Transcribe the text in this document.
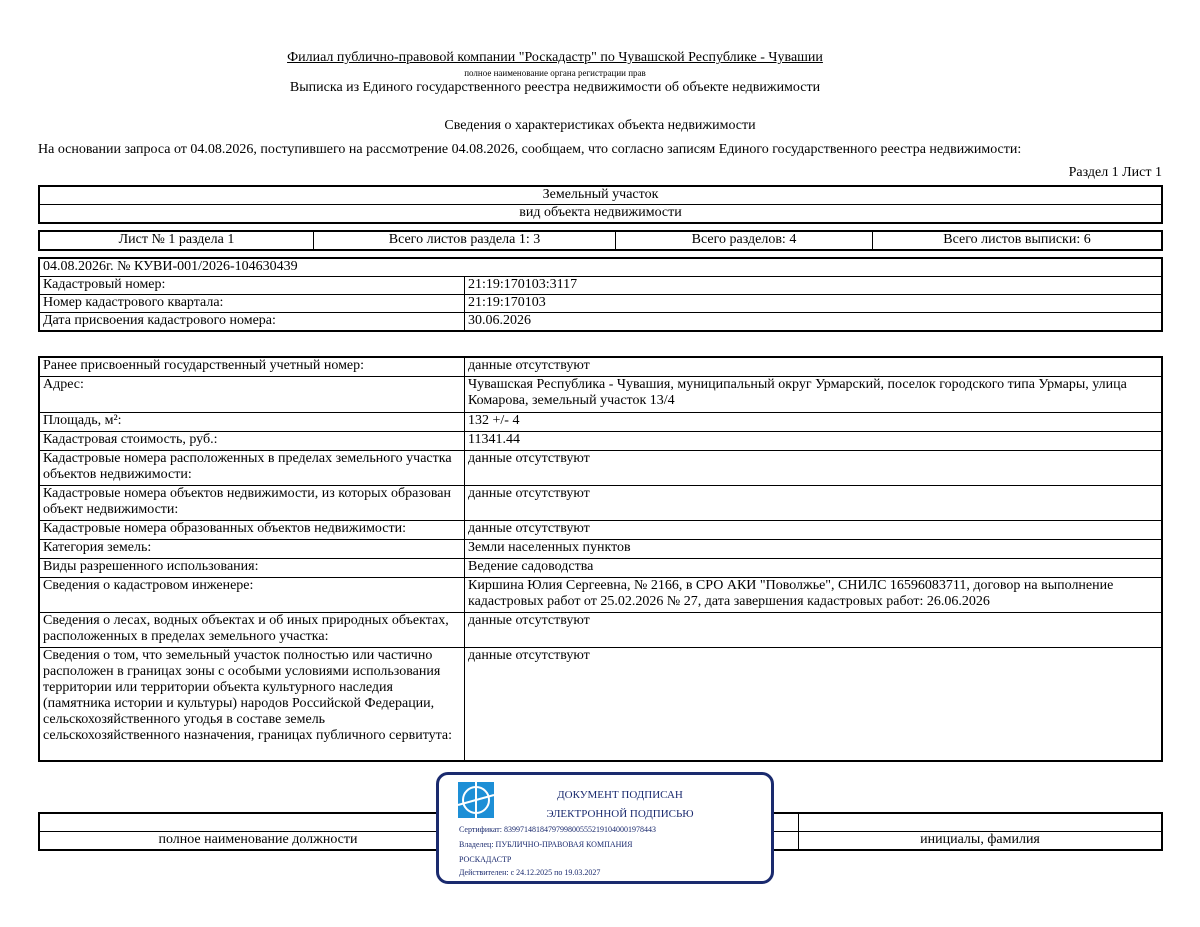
Филиал публично-правовой компании "Роскадастр" по Чувашской Республике - Чувашии
полное наименование органа регистрации прав
Выписка из Единого государственного реестра недвижимости об объекте недвижимости
Сведения о характеристиках объекта недвижимости
На основании запроса от 04.08.2026, поступившего на рассмотрение 04.08.2026, сообщаем, что согласно записям Единого государственного реестра недвижимости:
Раздел 1 Лист 1
Земельный участок
вид объекта недвижимости
Лист № 1 раздела 1	Всего листов раздела 1: 3	Всего разделов: 4	Всего листов выписки: 6
04.08.2026г. № КУВИ-001/2026-104630439	
Кадастровый номер:	21:19:170103:3117
Номер кадастрового квартала:	21:19:170103
Дата присвоения кадастрового номера:	30.06.2026
Ранее присвоенный государственный учетный номер:	данные отсутствуют
Адрес:	Чувашская Республика - Чувашия, муниципальный округ Урмарский, поселок городского типа Урмары, улица Комарова, земельный участок 13/4
Площадь, м²:	132 +/- 4
Кадастровая стоимость, руб.:	11341.44
Кадастровые номера расположенных в пределах земельного участка объектов недвижимости:	данные отсутствуют
Кадастровые номера объектов недвижимости, из которых образован объект недвижимости:	данные отсутствуют
Кадастровые номера образованных объектов недвижимости:	данные отсутствуют
Категория земель:	Земли населенных пунктов
Виды разрешенного использования:	Ведение садоводства
Сведения о кадастровом инженере:	Киршина Юлия Сергеевна, № 2166, в СРО АКИ "Поволжье", СНИЛС 16596083711, договор на выполнение кадастровых работ от 25.02.2026 № 27, дата завершения кадастровых работ: 26.06.2026
Сведения о лесах, водных объектах и об иных природных объектах, расположенных в пределах земельного участка:	данные отсутствуют
Сведения о том, что земельный участок полностью или частично расположен в границах зоны с особыми условиями использования территории или территории объекта культурного наследия (памятника истории и культуры) народов Российской Федерации, сельскохозяйственного угодья в составе земель сельскохозяйственного назначения, границах публичного сервитута:	данные отсутствуют

полное наименование должности		инициалы, фамилия
ДОКУМЕНТ ПОДПИСАН
ЭЛЕКТРОННОЙ ПОДПИСЬЮ
Сертификат: 8399714818479799800555219104000197844З
Владелец: ПУБЛИЧНО-ПРАВОВАЯ КОМПАНИЯ
РОСКАДАСТР
Действителен: с 24.12.2025 по 19.03.2027
